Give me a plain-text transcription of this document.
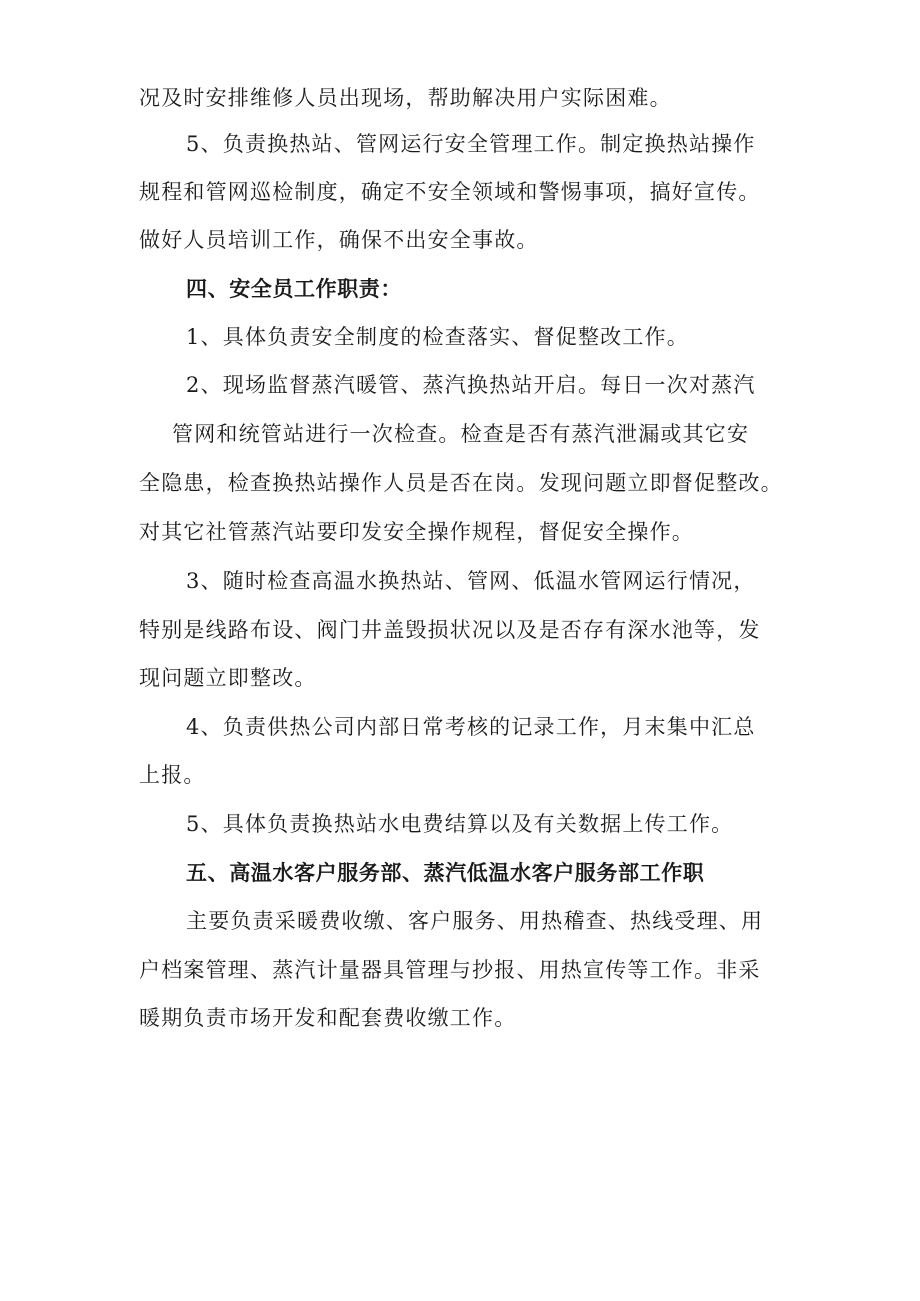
况及时安排维修人员出现场，帮助解决用户实际困难。
5、负责换热站、管网运行安全管理工作。制定换热站操作
规程和管网巡检制度，确定不安全领域和警惕事项，搞好宣传。
做好人员培训工作，确保不出安全事故。
四、安全员工作职责：
1、具体负责安全制度的检查落实、督促整改工作。
2、现场监督蒸汽暖管、蒸汽换热站开启。每日一次对蒸汽
管网和统管站进行一次检查。检查是否有蒸汽泄漏或其它安
全隐患，检查换热站操作人员是否在岗。发现问题立即督促整改。
对其它社管蒸汽站要印发安全操作规程，督促安全操作。
3、随时检查高温水换热站、管网、低温水管网运行情况，
特别是线路布设、阀门井盖毁损状况以及是否存有深水池等，发
现问题立即整改。
4、负责供热公司内部日常考核的记录工作，月末集中汇总
上报。
5、具体负责换热站水电费结算以及有关数据上传工作。
五、高温水客户服务部、蒸汽低温水客户服务部工作职
主要负责采暖费收缴、客户服务、用热稽查、热线受理、用
户档案管理、蒸汽计量器具管理与抄报、用热宣传等工作。非采
暖期负责市场开发和配套费收缴工作。
